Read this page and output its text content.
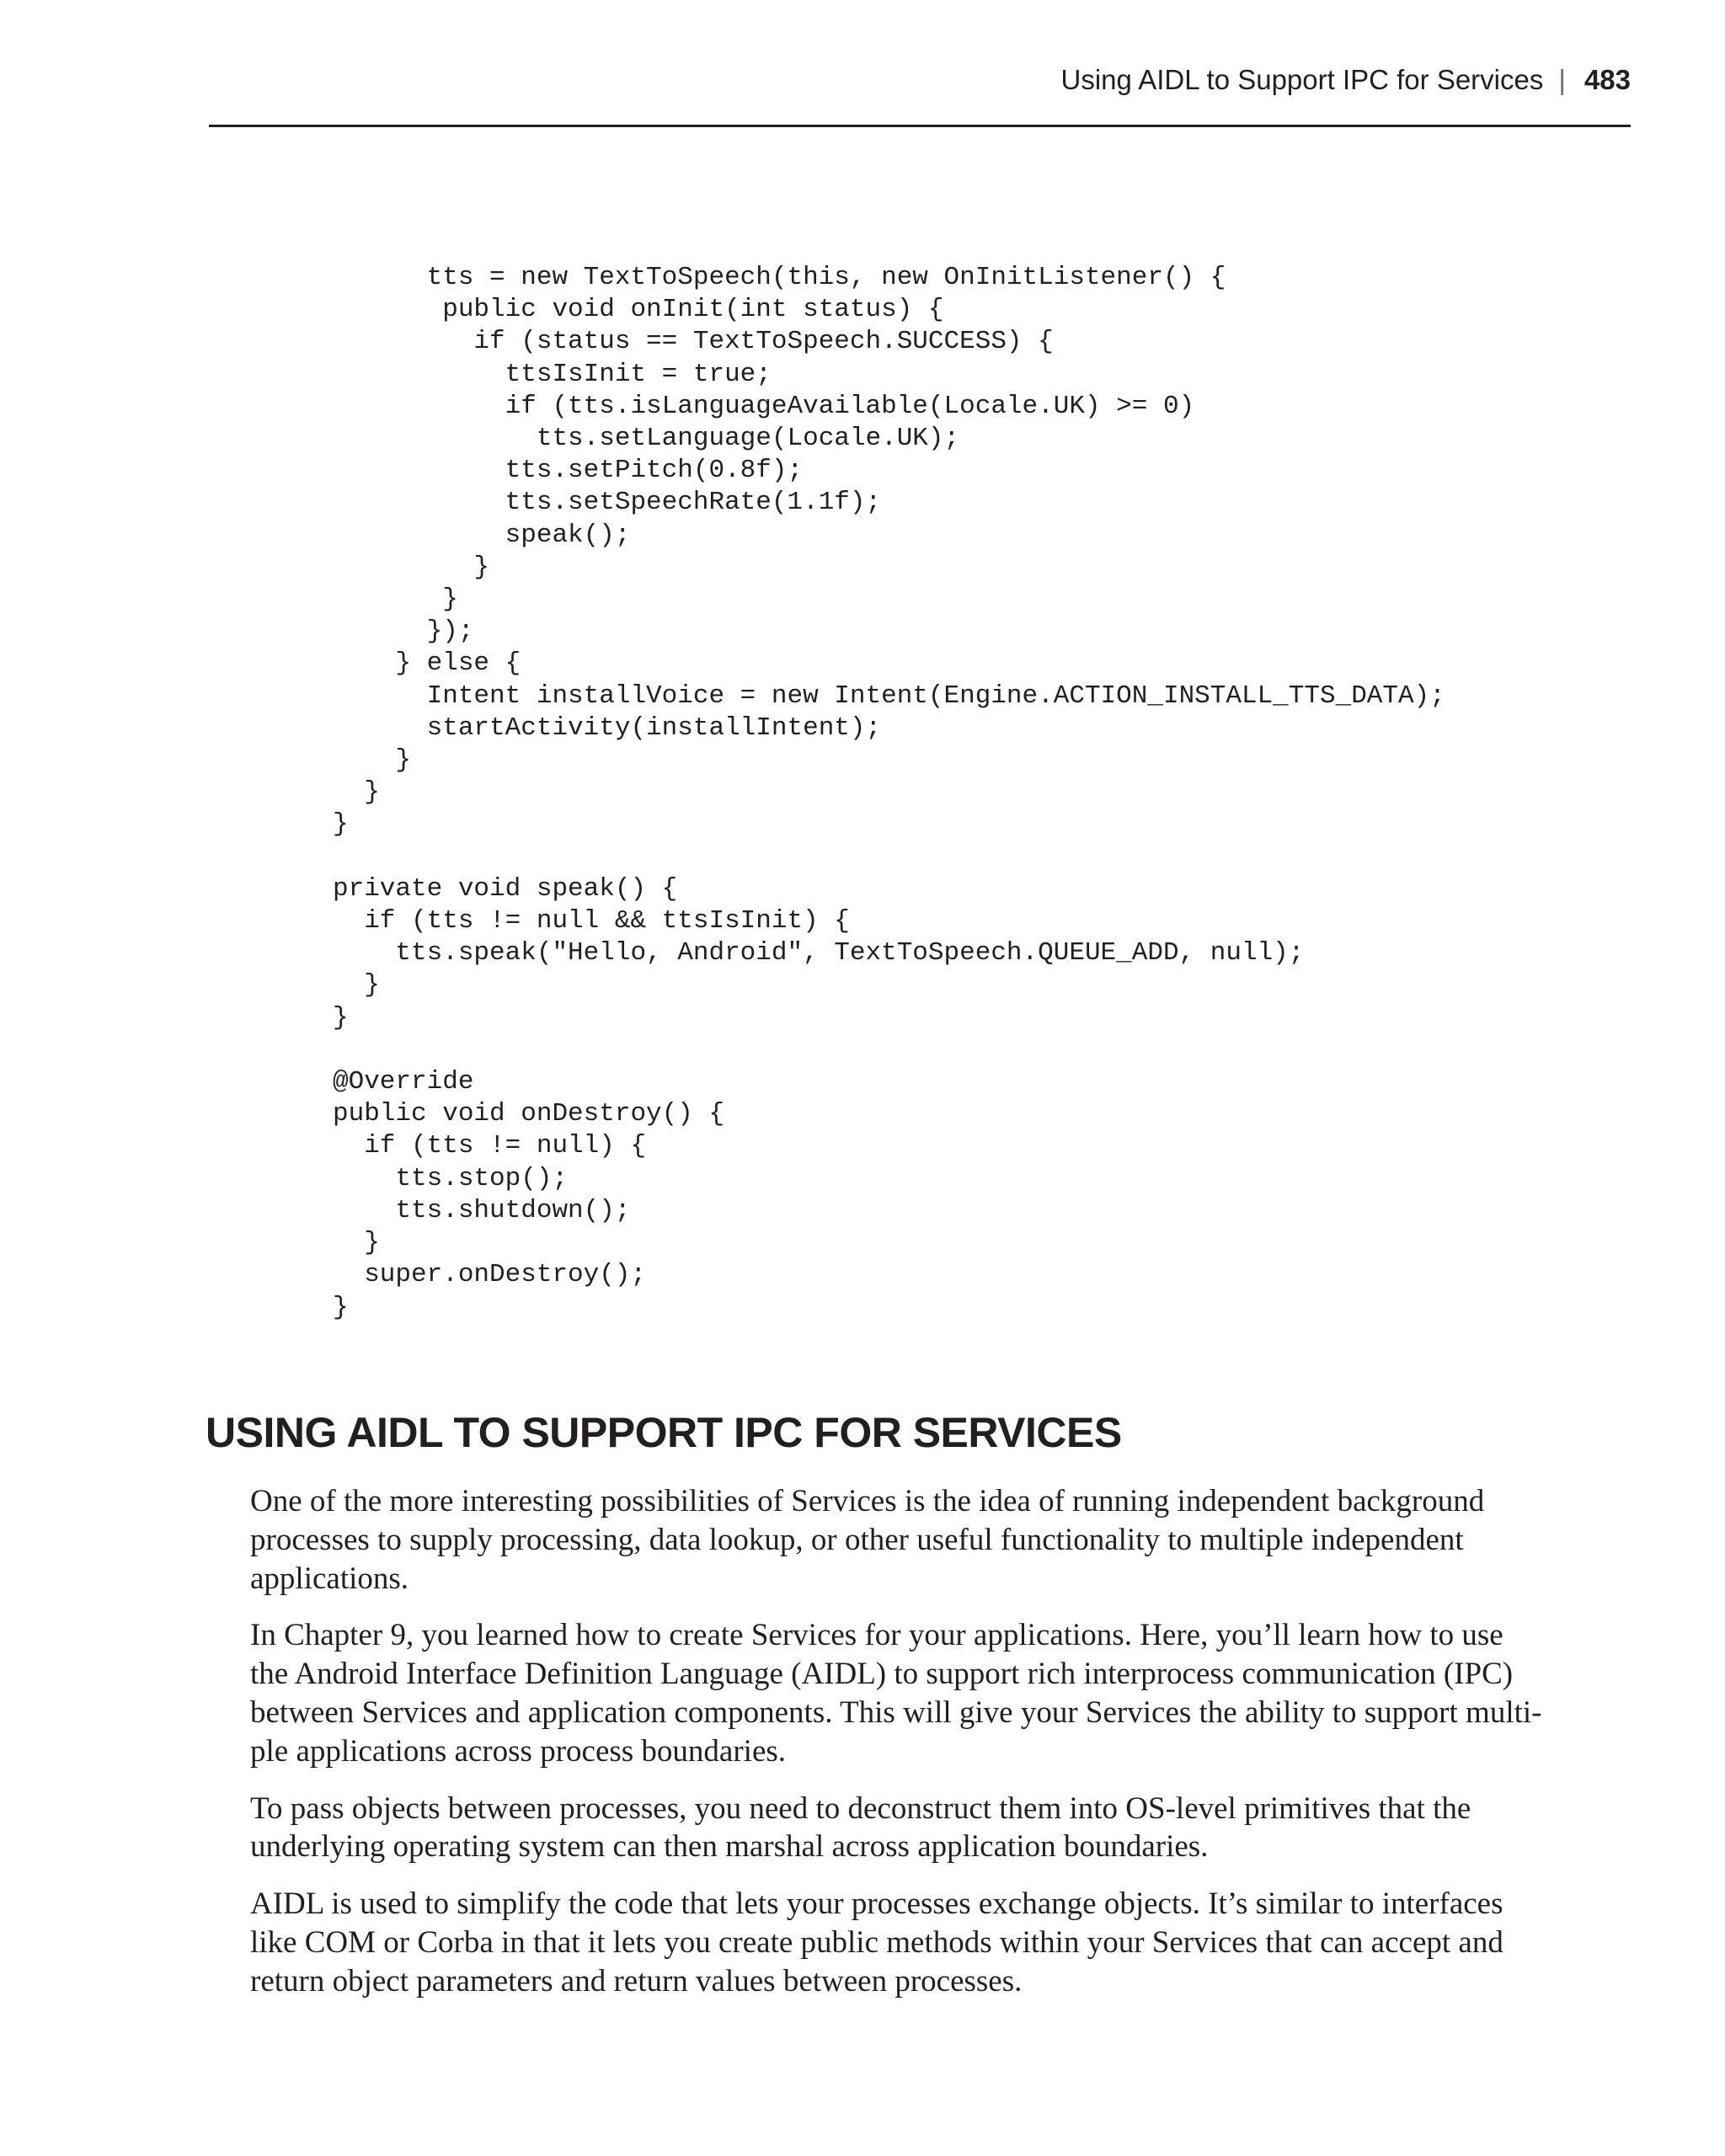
Using AIDL to Support IPC for Services | 483
tts = new TextToSpeech(this, new OnInitListener() {
public void onInit(int status) {
if (status == TextToSpeech.SUCCESS) {
ttsIsInit = true;
if (tts.isLanguageAvailable(Locale.UK) >= 0)
tts.setLanguage(Locale.UK);
tts.setPitch(0.8f);
tts.setSpeechRate(1.1f);
speak();
}
}
});
} else {
Intent installVoice = new Intent(Engine.ACTION_INSTALL_TTS_DATA);
startActivity(installIntent);
}
}
}

private void speak() {
if (tts != null && ttsIsInit) {
tts.speak("Hello, Android", TextToSpeech.QUEUE_ADD, null);
}
}

@Override
public void onDestroy() {
if (tts != null) {
tts.stop();
tts.shutdown();
}
super.onDestroy();
}
USING AIDL TO SUPPORT IPC FOR SERVICES

One of the more interesting possibilities of Services is the idea of running independent background
processes to supply processing, data lookup, or other useful functionality to multiple independent
applications.

In Chapter 9, you learned how to create Services for your applications. Here, you’ll learn how to use
the Android Interface Definition Language (AIDL) to support rich interprocess communication (IPC)
between Services and application components. This will give your Services the ability to support multi-
ple applications across process boundaries.

To pass objects between processes, you need to deconstruct them into OS-level primitives that the
underlying operating system can then marshal across application boundaries.

AIDL is used to simplify the code that lets your processes exchange objects. It’s similar to interfaces
like COM or Corba in that it lets you create public methods within your Services that can accept and
return object parameters and return values between processes.
